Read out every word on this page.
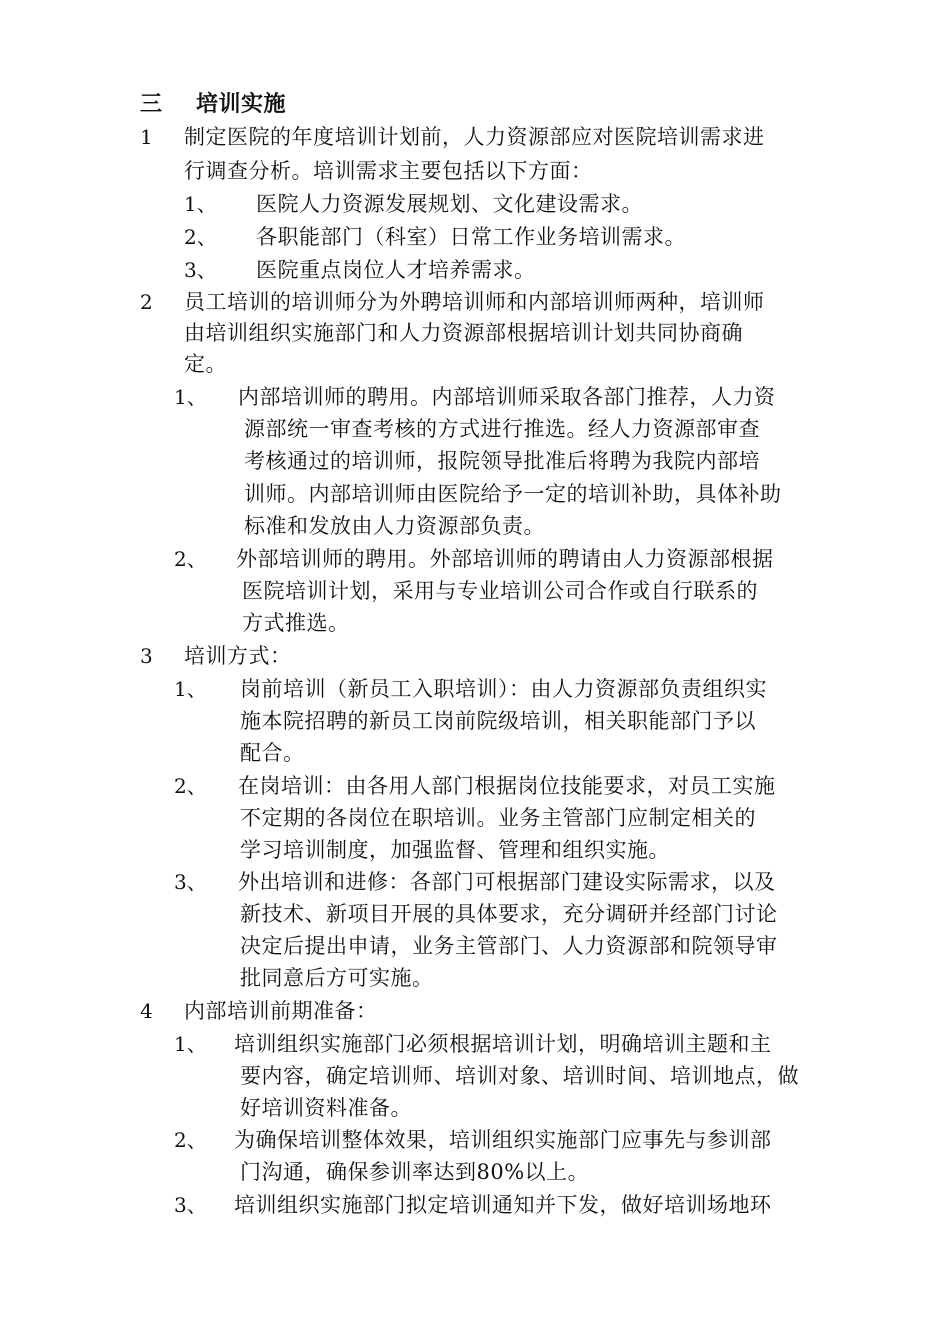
三 培训实施
1 制定医院的年度培训计划前，人力资源部应对医院培训需求进
行调查分析。培训需求主要包括以下方面：
1、 医院人力资源发展规划、文化建设需求。
2、 各职能部门（科室）日常工作业务培训需求。
3、 医院重点岗位人才培养需求。
2 员工培训的培训师分为外聘培训师和内部培训师两种，培训师
由培训组织实施部门和人力资源部根据培训计划共同协商确
定。
1、 内部培训师的聘用。内部培训师采取各部门推荐，人力资
源部统一审查考核的方式进行推选。经人力资源部审查
考核通过的培训师，报院领导批准后将聘为我院内部培
训师。内部培训师由医院给予一定的培训补助，具体补助
标准和发放由人力资源部负责。
2、 外部培训师的聘用。外部培训师的聘请由人力资源部根据
医院培训计划，采用与专业培训公司合作或自行联系的
方式推选。
3 培训方式：
1、 岗前培训（新员工入职培训）：由人力资源部负责组织实
施本院招聘的新员工岗前院级培训，相关职能部门予以
配合。
2、 在岗培训：由各用人部门根据岗位技能要求，对员工实施
不定期的各岗位在职培训。业务主管部门应制定相关的
学习培训制度，加强监督、管理和组织实施。
3、 外出培训和进修：各部门可根据部门建设实际需求，以及
新技术、新项目开展的具体要求，充分调研并经部门讨论
决定后提出申请，业务主管部门、人力资源部和院领导审
批同意后方可实施。
4 内部培训前期准备：
1、 培训组织实施部门必须根据培训计划，明确培训主题和主
要内容，确定培训师、培训对象、培训时间、培训地点，做
好培训资料准备。
2、 为确保培训整体效果，培训组织实施部门应事先与参训部
门沟通，确保参训率达到80%以上。
3、 培训组织实施部门拟定培训通知并下发，做好培训场地环
